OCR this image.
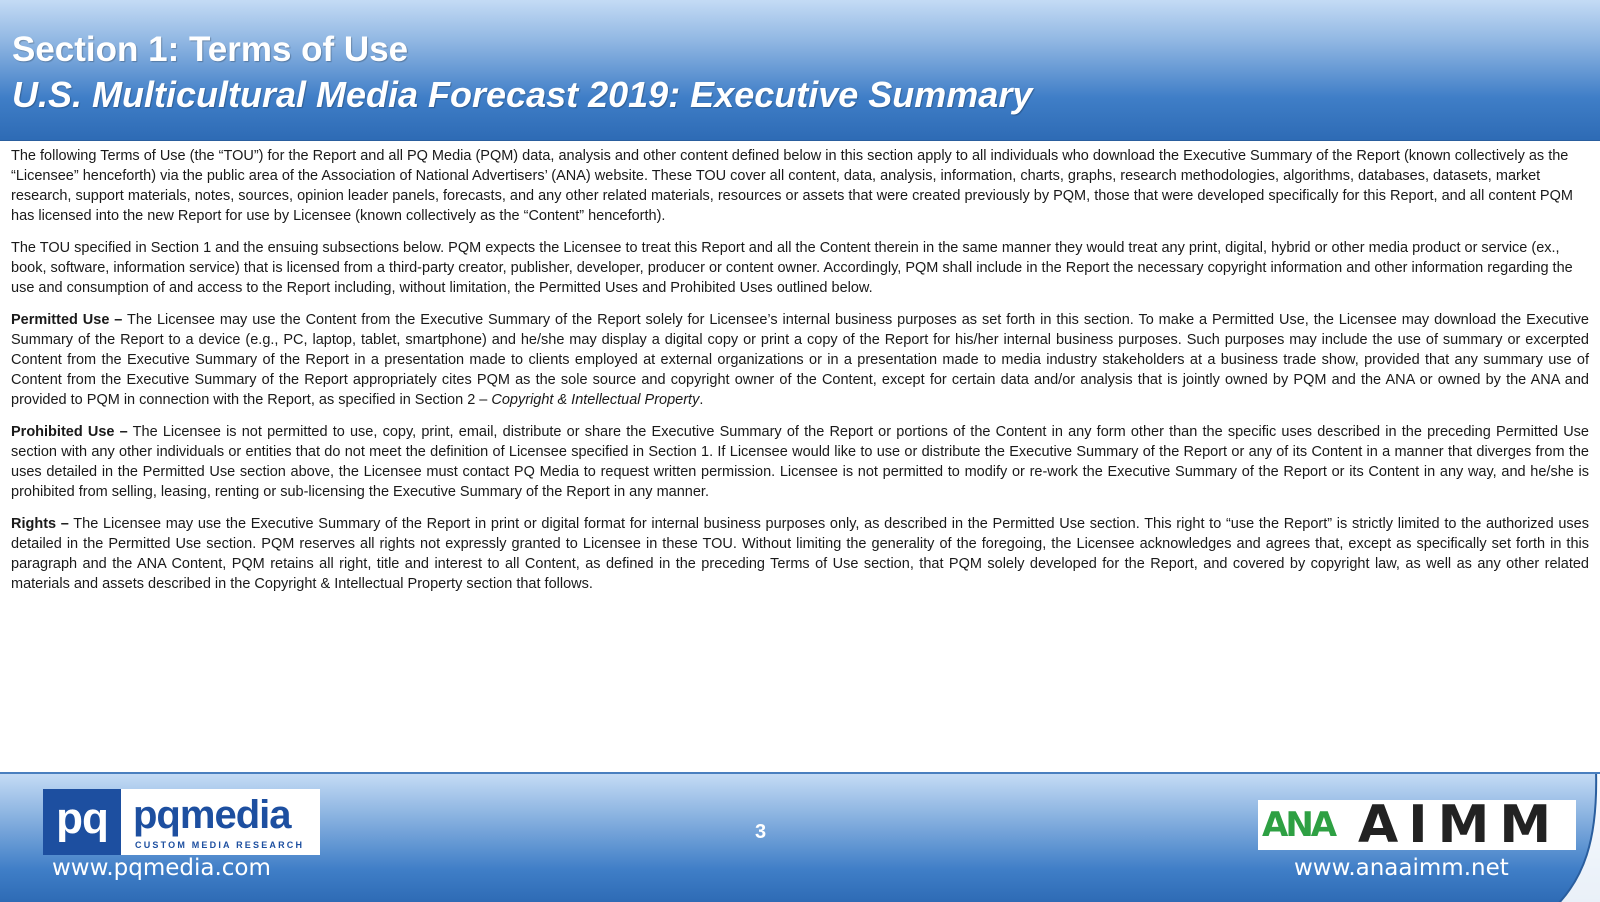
Section 1: Terms of Use
U.S. Multicultural Media Forecast 2019: Executive Summary

The following Terms of Use (the “TOU”) for the Report and all PQ Media (PQM) data, analysis and other content defined below in this section apply to all individuals who download the Executive Summary of the Report (known collectively as the “Licensee” henceforth) via the public area of the Association of National Advertisers’ (ANA) website. These TOU cover all content, data, analysis, information, charts, graphs, research methodologies, algorithms, databases, datasets, market research, support materials, notes, sources, opinion leader panels, forecasts, and any other related materials, resources or assets that were created previously by PQM, those that were developed specifically for this Report, and all content PQM has licensed into the new Report for use by Licensee (known collectively as the “Content” henceforth).

The TOU specified in Section 1 and the ensuing subsections below. PQM expects the Licensee to treat this Report and all the Content therein in the same manner they would treat any print, digital, hybrid or other media product or service (ex., book, software, information service) that is licensed from a third-party creator, publisher, developer, producer or content owner. Accordingly, PQM shall include in the Report the necessary copyright information and other information regarding the use and consumption of and access to the Report including, without limitation, the Permitted Uses and Prohibited Uses outlined below.

Permitted Use – The Licensee may use the Content from the Executive Summary of the Report solely for Licensee’s internal business purposes as set forth in this section. To make a Permitted Use, the Licensee may download the Executive Summary of the Report to a device (e.g., PC, laptop, tablet, smartphone) and he/she may display a digital copy or print a copy of the Report for his/her internal business purposes. Such purposes may include the use of summary or excerpted Content from the Executive Summary of the Report in a presentation made to clients employed at external organizations or in a presentation made to media industry stakeholders at a business trade show, provided that any summary use of Content from the Executive Summary of the Report appropriately cites PQM as the sole source and copyright owner of the Content, except for certain data and/or analysis that is jointly owned by PQM and the ANA or owned by the ANA and provided to PQM in connection with the Report, as specified in Section 2 – Copyright & Intellectual Property.

Prohibited Use – The Licensee is not permitted to use, copy, print, email, distribute or share the Executive Summary of the Report or portions of the Content in any form other than the specific uses described in the preceding Permitted Use section with any other individuals or entities that do not meet the definition of Licensee specified in Section 1. If Licensee would like to use or distribute the Executive Summary of the Report or any of its Content in a manner that diverges from the uses detailed in the Permitted Use section above, the Licensee must contact PQ Media to request written permission. Licensee is not permitted to modify or re-work the Executive Summary of the Report or its Content in any way, and he/she is prohibited from selling, leasing, renting or sub-licensing the Executive Summary of the Report in any manner.

Rights – The Licensee may use the Executive Summary of the Report in print or digital format for internal business purposes only, as described in the Permitted Use section. This right to “use the Report” is strictly limited to the authorized uses detailed in the Permitted Use section. PQM reserves all rights not expressly granted to Licensee in these TOU. Without limiting the generality of the foregoing, the Licensee acknowledges and agrees that, except as specifically set forth in this paragraph and the ANA Content, PQM retains all right, title and interest to all Content, as defined in the preceding Terms of Use section, that PQM solely developed for the Report, and covered by copyright law, as well as any other related materials and assets described in the Copyright & Intellectual Property section that follows.

pq pqmedia
CUSTOM MEDIA RESEARCH
www.pqmedia.com
3	ANA AIMM
www.anaaimm.net
